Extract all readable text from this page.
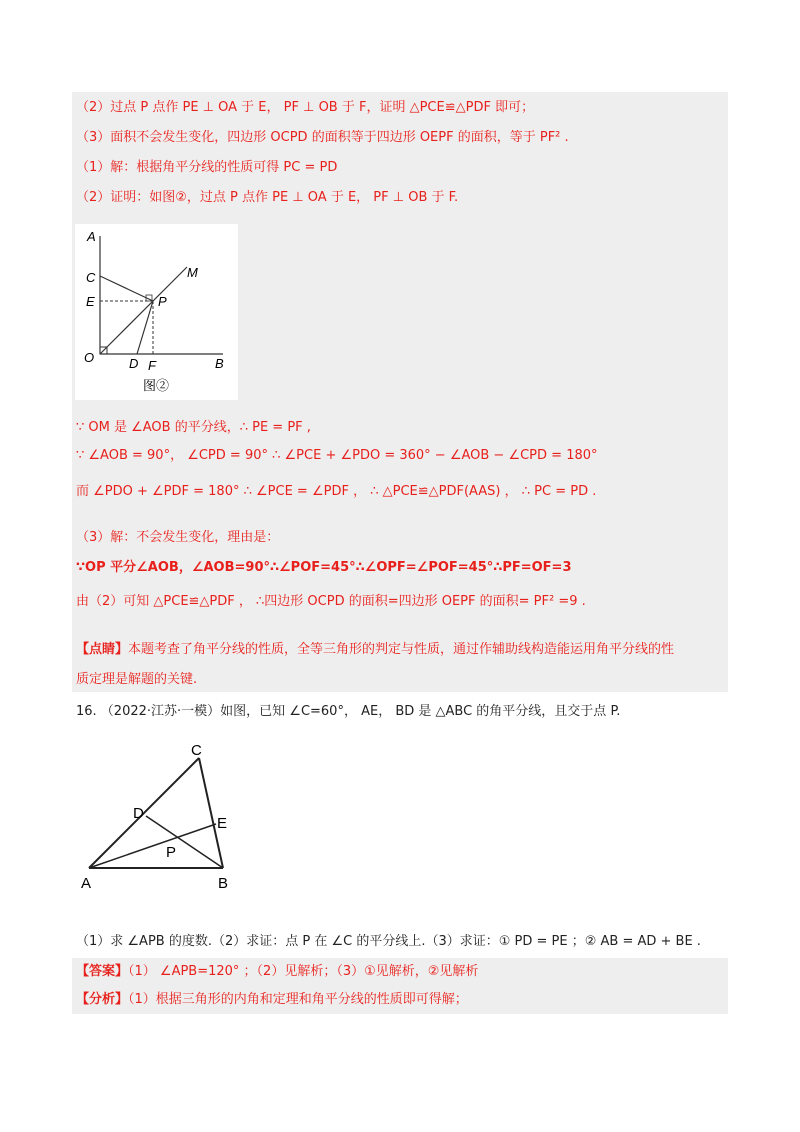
（2）过点 P 点作 PE ⊥ OA 于 E， PF ⊥ OB 于 F，证明 △PCE≌△PDF 即可；
（3）面积不会发生变化，四边形 OCPD 的面积等于四边形 OEPF 的面积，等于 PF² .
（1）解：根据角平分线的性质可得 PC = PD
（2）证明：如图②，过点 P 点作 PE ⊥ OA 于 E， PF ⊥ OB 于 F.
A
C
E
O	D F	B
P
M
图②
∵ OM 是 ∠AOB 的平分线，∴ PE = PF ,
∵ ∠AOB = 90°， ∠CPD = 90° ∴ ∠PCE + ∠PDO = 360° − ∠AOB − ∠CPD = 180°
而 ∠PDO + ∠PDF = 180° ∴ ∠PCE = ∠PDF ， ∴ △PCE≌△PDF(AAS) ， ∴ PC = PD .
（3）解：不会发生变化，理由是：
∵OP 平分∠AOB，∠AOB=90°∴∠POF=45°∴∠OPF=∠POF=45°∴PF=OF=3
由（2）可知 △PCE≌△PDF ， ∴四边形 OCPD 的面积=四边形 OEPF 的面积= PF² =9 .
【点睛】本题考查了角平分线的性质，全等三角形的判定与性质，通过作辅助线构造能运用角平分线的性
质定理是解题的关键.
16. （2022·江苏·一模）如图，已知 ∠C=60°， AE， BD 是 △ABC 的角平分线，且交于点 P.
C
D
E
P
A	B
（1）求 ∠APB 的度数.（2）求证：点 P 在 ∠C 的平分线上.（3）求证：① PD = PE ；② AB = AD + BE .
【答案】（1） ∠APB=120° ；（2）见解析；（3）①见解析，②见解析
【分析】（1）根据三角形的内角和定理和角平分线的性质即可得解；
